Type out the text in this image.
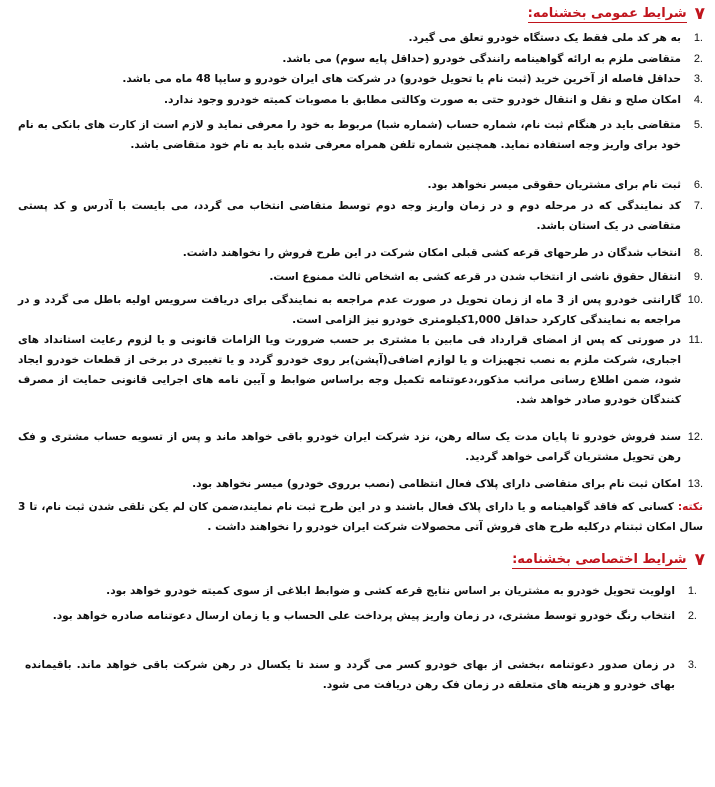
۷
شرایط عمومی بخشنامه:
1.
به هر کد ملی فقط یک دستگاه خودرو تعلق می گیرد.
2.
متقاضی ملزم به ارائه گواهینامه رانندگی خودرو (حداقل پایه سوم) می باشد.
3.
حداقل فاصله از آخرین خرید (ثبت نام یا تحویل خودرو) در شرکت های ایران خودرو و سایپا 48 ماه می باشد.
4.
امکان صلح و نقل و انتقال خودرو حتی به صورت وکالتی مطابق با مصوبات کمیته خودرو وجود ندارد.
5.
متقاضی باید در هنگام ثبت نام، شماره حساب (شماره شبا) مربوط به خود را معرفی نماید و لازم است از کارت های بانکی به نام خود برای واریز وجه استفاده نماید. همچنین شماره تلفن همراه معرفی شده باید به نام خود متقاضی باشد.
6.
ثبت نام برای مشتریان حقوقی میسر نخواهد بود.
7.
کد نمایندگی که در مرحله دوم و در زمان واریز وجه دوم توسط متقاضی انتخاب می گردد، می بایست با آدرس و کد پستی متقاضی در یک استان باشد.
8.
انتخاب شدگان در طرحهای قرعه کشی قبلی امکان شرکت در این طرح فروش را نخواهند داشت.
9.
انتقال حقوق ناشی از انتخاب شدن در قرعه کشی به اشخاص ثالث ممنوع است.
10.
گارانتی خودرو پس از 3 ماه از زمان تحویل در صورت عدم مراجعه به نمایندگی برای دریافت سرویس اولیه باطل می گردد و در مراجعه به نمایندگی کارکرد حداقل 1,000کیلومتری خودرو نیز الزامی است.
11.
در صورتی که پس از امضای قرارداد فی مابین با مشتری بر حسب ضرورت ویا الزامات قانونی و یا لزوم رعایت استانداد های اجباری، شرکت ملزم به نصب تجهیزات و یا لوازم اضافی(آپشن)بر روی خودرو گردد و یا تغییری در برخی از قطعات خودرو ایجاد شود، ضمن اطلاع رسانی مراتب مذکور،دعوتنامه تکمیل وجه براساس ضوابط و آیین نامه های اجرایی قانونی حمایت از مصرف کنندگان خودرو صادر خواهد شد.
12.
سند فروش خودرو تا پایان مدت یک ساله رهن، نزد شرکت ایران خودرو باقی خواهد ماند و پس از تسویه حساب مشتری و فک رهن تحویل مشتریان گرامی خواهد گردید.
13.
امکان ثبت نام برای متقاضی دارای پلاک فعال انتظامی (نصب برروی خودرو) میسر نخواهد بود.
نکته: کسانی که فاقد گواهینامه و یا دارای پلاک فعال باشند و در این طرح ثبت نام نمایند،ضمن کان لم یکن تلقی شدن ثبت نام، تا 3 سال امکان ثبتنام درکلیه طرح های فروش آتی محصولات شرکت ایران خودرو را نخواهند داشت .
۷
شرایط اختصاصی بخشنامه:
1.
اولویت تحویل خودرو به مشتریان بر اساس نتایج قرعه کشی و ضوابط ابلاغی از سوی کمیته خودرو خواهد بود.
2.
انتخاب رنگ خودرو توسط مشتری، در زمان واریز پیش پرداخت علی الحساب و یا زمان ارسال دعوتنامه صادره خواهد بود.
3.
در زمان صدور دعوتنامه ،بخشی از بهای خودرو کسر می گردد و سند تا یکسال در رهن شرکت باقی خواهد ماند. باقیمانده بهای خودرو و هزینه های متعلقه در زمان فک رهن دریافت می شود.
